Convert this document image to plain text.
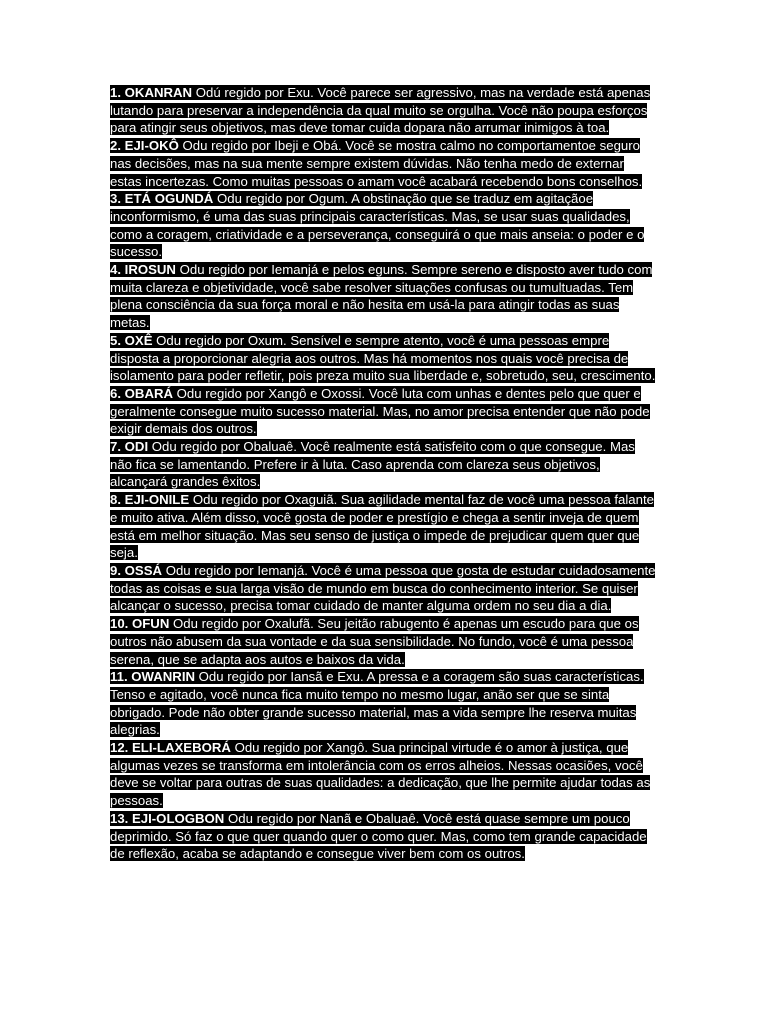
1. OKANRAN Odú regido por Exu. Você parece ser agressivo, mas na verdade está apenas lutando para preservar a independência da qual muito se orgulha. Você não poupa esforços para atingir seus objetivos, mas deve tomar cuida dopara não arrumar inimigos à toa.

2. EJI-OKÔ Odu regido por Ibeji e Obá. Você se mostra calmo no comportamentoe seguro nas decisões, mas na sua mente sempre existem dúvidas. Não tenha medo de externar estas incertezas. Como muitas pessoas o amam você acabará recebendo bons conselhos.

3. ETÁ OGUNDÁ Odu regido por Ogum. A obstinação que se traduz em agitaçãoe inconformismo, é uma das suas principais características. Mas, se usar suas qualidades, como a coragem, criatividade e a perseverança, conseguirá o que mais anseia: o poder e o sucesso.

4. IROSUN Odu regido por Iemanjá e pelos eguns. Sempre sereno e disposto aver tudo com muita clareza e objetividade, você sabe resolver situações confusas ou tumultuadas. Tem plena consciência da sua força moral e não hesita em usá-la para atingir todas as suas metas.

5. OXÊ Odu regido por Oxum. Sensível e sempre atento, você é uma pessoas empre disposta a proporcionar alegria aos outros. Mas há momentos nos quais você precisa de isolamento para poder refletir, pois preza muito sua liberdade e, sobretudo, seu, crescimento.

6. OBARÁ Odu regido por Xangô e Oxossi. Você luta com unhas e dentes pelo que quer e geralmente consegue muito sucesso material. Mas, no amor precisa entender que não pode exigir demais dos outros.

7. ODI Odu regido por Obaluaê. Você realmente está satisfeito com o que consegue. Mas não fica se lamentando. Prefere ir à luta. Caso aprenda com clareza seus objetivos, alcançará grandes êxitos.

8. EJI-ONILE Odu regido por Oxaguiã. Sua agilidade mental faz de você uma pessoa falante e muito ativa. Além disso, você gosta de poder e prestígio e chega a sentir inveja de quem está em melhor situação. Mas seu senso de justiça o impede de prejudicar quem quer que seja.

9. OSSÁ Odu regido por Iemanjá. Você é uma pessoa que gosta de estudar cuidadosamente todas as coisas e sua larga visão de mundo em busca do conhecimento interior. Se quiser alcançar o sucesso, precisa tomar cuidado de manter alguma ordem no seu dia a dia.

10. OFUN Odu regido por Oxalufã. Seu jeitão rabugento é apenas um escudo para que os outros não abusem da sua vontade e da sua sensibilidade. No fundo, você é uma pessoa serena, que se adapta aos autos e baixos da vida.

11. OWANRIN Odu regido por Iansã e Exu. A pressa e a coragem são suas características. Tenso e agitado, você nunca fica muito tempo no mesmo lugar, anão ser que se sinta obrigado. Pode não obter grande sucesso material, mas a vida sempre lhe reserva muitas alegrias.

12. ELI-LAXEBORÁ Odu regido por Xangô. Sua principal virtude é o amor à justiça, que algumas vezes se transforma em intolerância com os erros alheios. Nessas ocasiões, você deve se voltar para outras de suas qualidades: a dedicação, que lhe permite ajudar todas as pessoas.

13. EJI-OLOGBON Odu regido por Nanã e Obaluaê. Você está quase sempre um pouco deprimido. Só faz o que quer quando quer o como quer. Mas, como tem grande capacidade de reflexão, acaba se adaptando e consegue viver bem com os outros.
